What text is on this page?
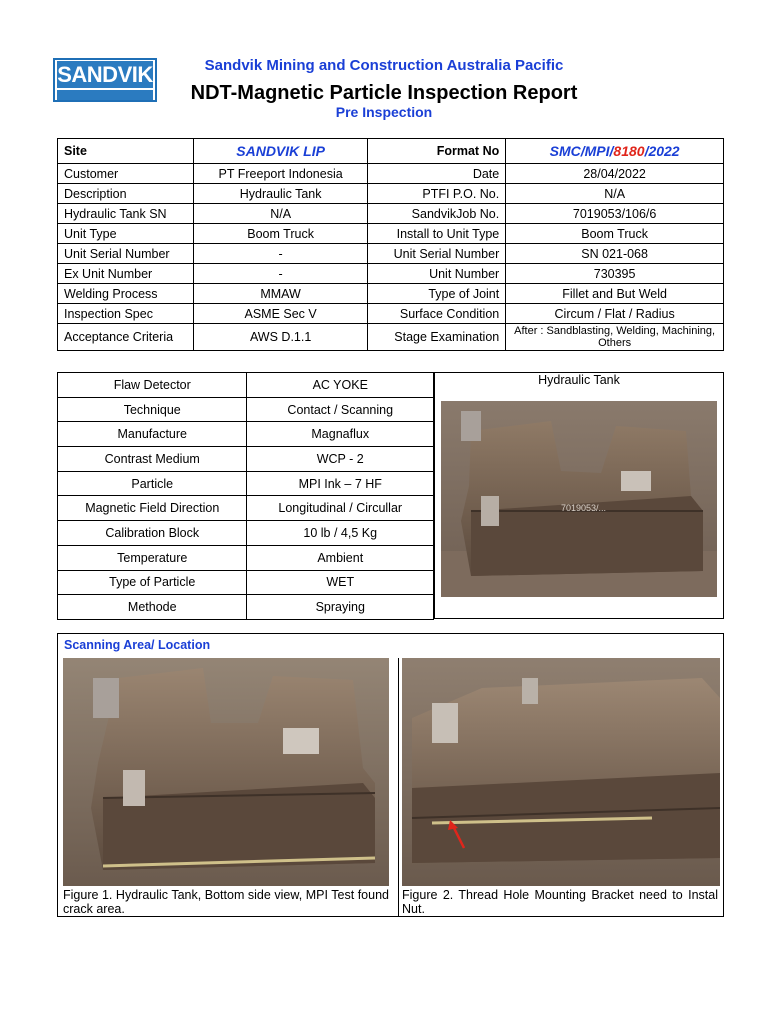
SANDVIK	Sandvik Mining and Construction Australia Pacific
NDT-Magnetic Particle Inspection Report
Pre Inspection
Site	SANDVIK LIP	Format No	SMC/MPI/8180/2022
Customer	PT Freeport Indonesia	Date	28/04/2022
Description	Hydraulic Tank	PTFI P.O. No.	N/A
Hydraulic Tank SN	N/A	SandvikJob No.	7019053/106/6
Unit Type	Boom Truck	Install to Unit Type	Boom Truck
Unit Serial Number	-	Unit Serial Number	SN 021-068
Ex Unit Number	-	Unit Number	730395
Welding Process	MMAW	Type of Joint	Fillet and But Weld
Inspection Spec	ASME Sec V	Surface Condition	Circum / Flat / Radius
Acceptance Criteria	AWS D.1.1	Stage Examination	After : Sandblasting, Welding, Machining, Others
Flaw Detector	AC YOKE
Technique	Contact / Scanning
Manufacture	Magnaflux
Contrast Medium	WCP - 2
Particle	MPI Ink – 7 HF
Magnetic Field Direction	Longitudinal / Circullar
Calibration Block	10 lb / 4,5 Kg
Temperature	Ambient
Type of Particle	WET
Methode	Spraying
Hydraulic Tank
7019053/...
Scanning Area/ Location
Figure 1. Hydraulic Tank, Bottom side view, MPI Test found crack area.
Figure 2. Thread Hole Mounting Bracket need to Instal Nut.
